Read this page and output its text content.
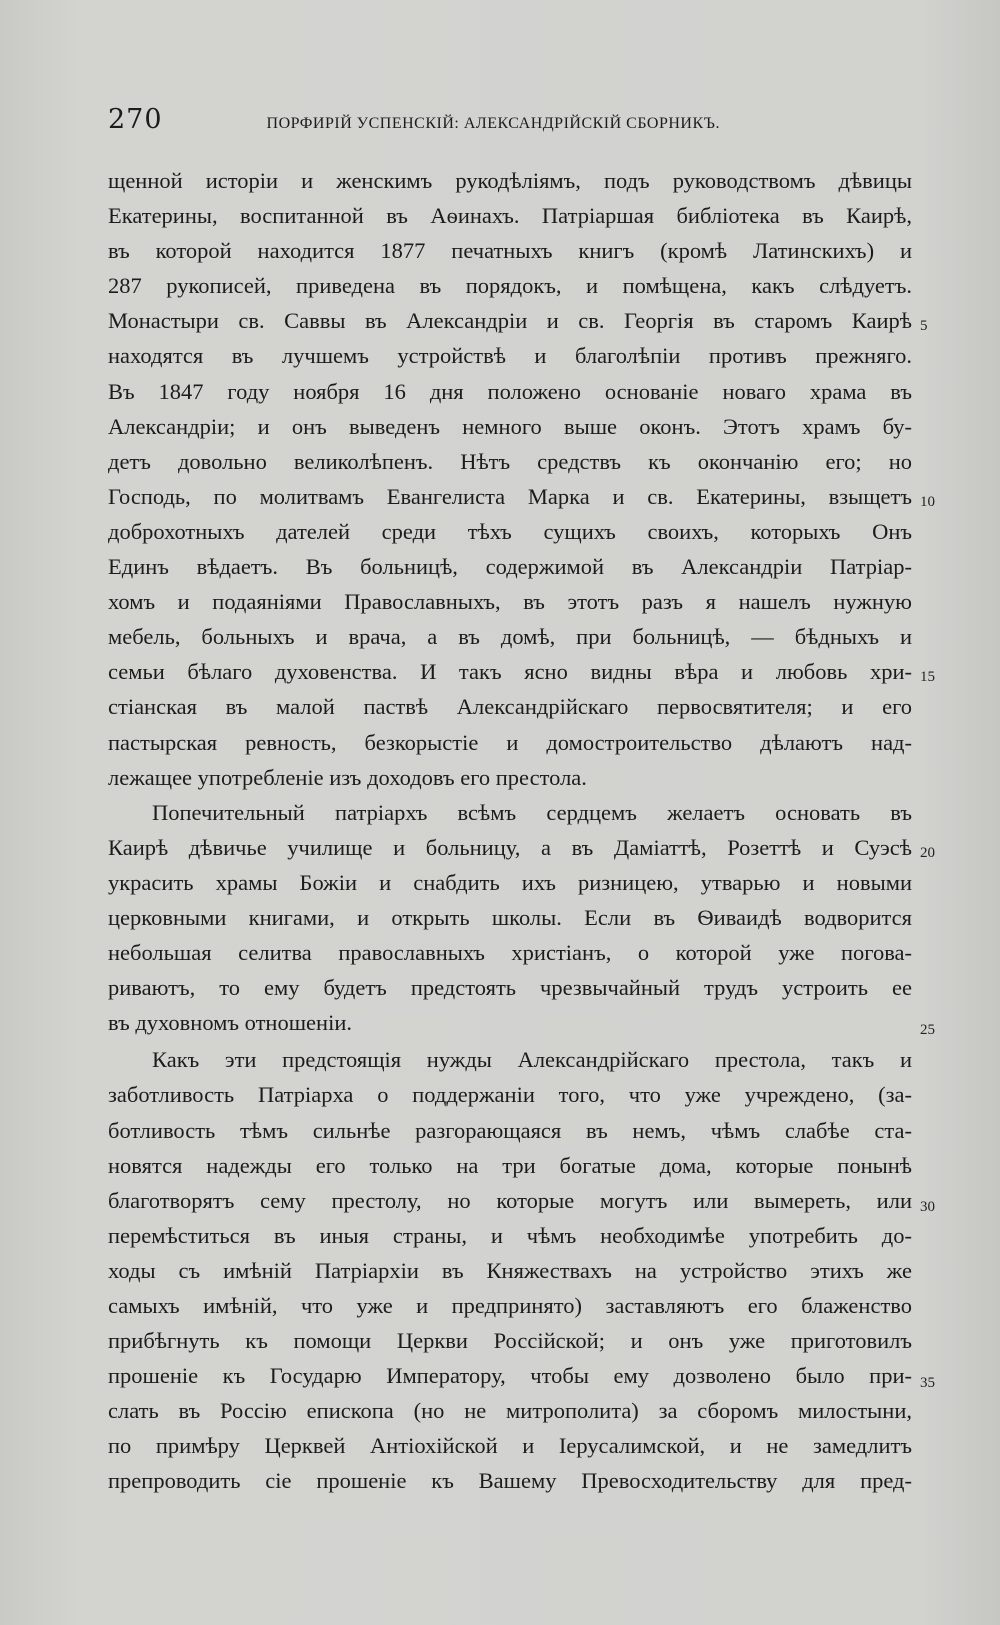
270	ПОРФИРІЙ УСПЕНСКІЙ: АЛЕКСАНДРІЙСКІЙ СБОРНИКЪ.
щенной исторіи и женскимъ рукодѣліямъ, подъ руководствомъ дѣвицы
Екатерины, воспитанной въ Аѳинахъ. Патріаршая библіотека въ Каирѣ,
въ которой находится 1877 печатныхъ книгъ (кромѣ Латинскихъ) и
287 рукописей, приведена въ порядокъ, и помѣщена, какъ слѣдуетъ.
Монастыри св. Саввы въ Александріи и св. Георгія въ старомъ Каирѣ
находятся въ лучшемъ устройствѣ и благолѣпіи противъ прежняго.
Въ 1847 году ноября 16 дня положено основаніе новаго храма въ
Александріи; и онъ выведенъ немного выше оконъ. Этотъ храмъ бу-
детъ довольно великолѣпенъ. Нѣтъ средствъ къ окончанію его; но
Господь, по молитвамъ Евангелиста Марка и св. Екатерины, взыщетъ
доброхотныхъ дателей среди тѣхъ сущихъ своихъ, которыхъ Онъ
Единъ вѣдаетъ. Въ больницѣ, содержимой въ Александріи Патріар-
хомъ и подаяніями Православныхъ, въ этотъ разъ я нашелъ нужную
мебель, больныхъ и врача, а въ домѣ, при больницѣ, — бѣдныхъ и
семьи бѣлаго духовенства. И такъ ясно видны вѣра и любовь хри-
стіанская въ малой паствѣ Александрійскаго первосвятителя; и его
пастырская ревность, безкорыстіе и домостроительство дѣлаютъ над-
лежащее употребленіе изъ доходовъ его престола.
Попечительный патріархъ всѣмъ сердцемъ желаетъ основать въ
Каирѣ дѣвичье училище и больницу, а въ Даміаттѣ, Розеттѣ и Суэсѣ
украсить храмы Божіи и снабдить ихъ ризницею, утварью и новыми
церковными книгами, и открыть школы. Если въ Ѳиваидѣ водворится
небольшая селитва православныхъ христіанъ, о которой уже погова-
риваютъ, то ему будетъ предстоять чрезвычайный трудъ устроить ее
въ духовномъ отношеніи.
Какъ эти предстоящія нужды Александрійскаго престола, такъ и
заботливость Патріарха о поддержаніи того, что уже учреждено, (за-
ботливость тѣмъ сильнѣе разгорающаяся въ немъ, чѣмъ слабѣе ста-
новятся надежды его только на три богатые дома, которые понынѣ
благотворятъ сему престолу, но которые могутъ или вымереть, или
перемѣститься въ иныя страны, и чѣмъ необходимѣе употребить до-
ходы съ имѣній Патріархіи въ Княжествахъ на устройство этихъ же
самыхъ имѣній, что уже и предпринято) заставляютъ его блаженство
прибѣгнуть къ помощи Церкви Россійской; и онъ уже приготовилъ
прошеніе къ Государю Императору, чтобы ему дозволено было при-
слать въ Россію епископа (но не митрополита) за сборомъ милостыни,
по примѣру Церквей Антіохійской и Іерусалимской, и не замедлитъ
препроводить сіе прошеніе къ Вашему Превосходительству для пред-
5
10
15
20
25
30
35
